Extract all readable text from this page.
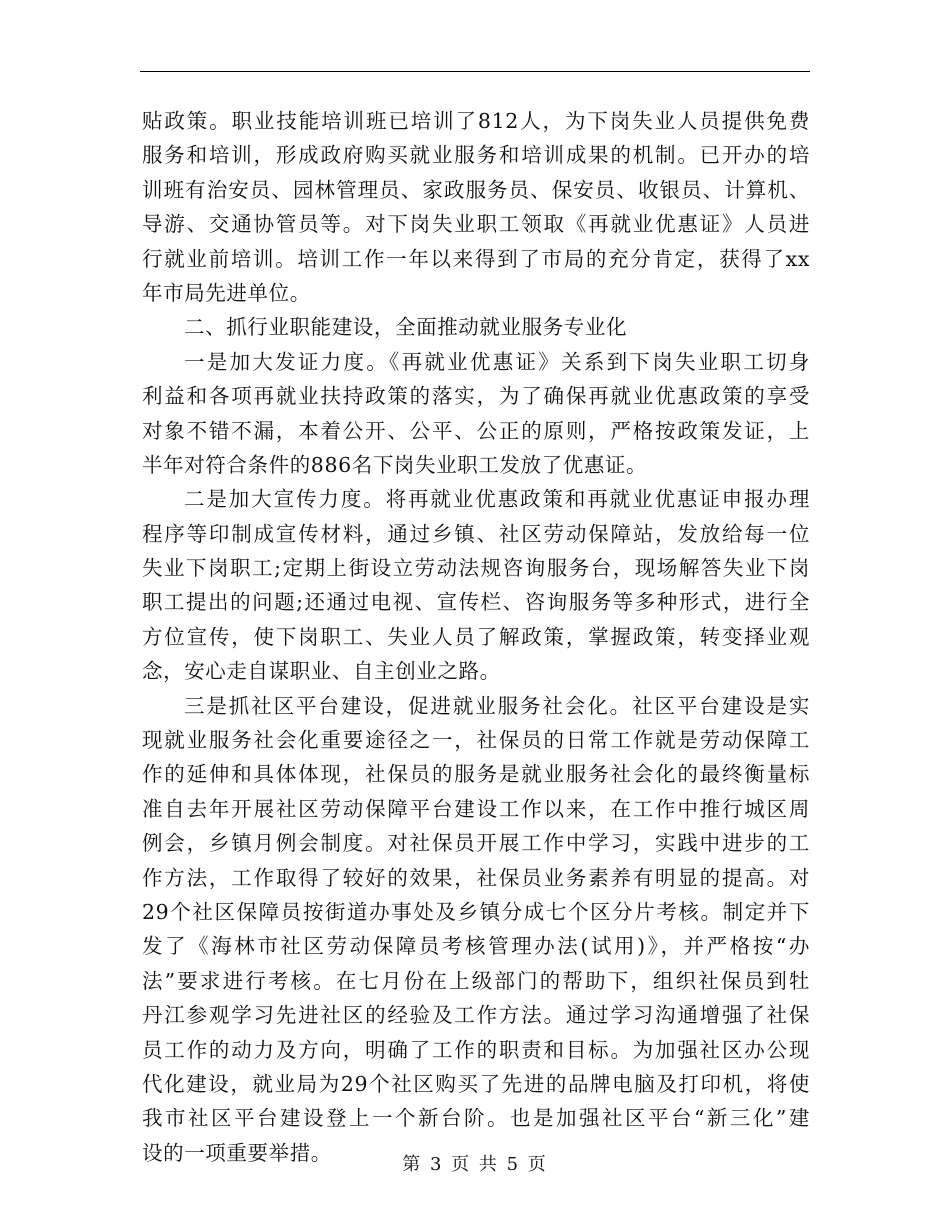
贴政策。职业技能培训班已培训了812人，为下岗失业人员提供免费
服务和培训，形成政府购买就业服务和培训成果的机制。已开办的培
训班有治安员、园林管理员、家政服务员、保安员、收银员、计算机、
导游、交通协管员等。对下岗失业职工领取《再就业优惠证》人员进
行就业前培训。培训工作一年以来得到了市局的充分肯定，获得了xx
年市局先进单位。
二、抓行业职能建设，全面推动就业服务专业化
一是加大发证力度。《再就业优惠证》关系到下岗失业职工切身
利益和各项再就业扶持政策的落实，为了确保再就业优惠政策的享受
对象不错不漏，本着公开、公平、公正的原则，严格按政策发证，上
半年对符合条件的886名下岗失业职工发放了优惠证。
二是加大宣传力度。将再就业优惠政策和再就业优惠证申报办理
程序等印制成宣传材料，通过乡镇、社区劳动保障站，发放给每一位
失业下岗职工;定期上街设立劳动法规咨询服务台，现场解答失业下岗
职工提出的问题;还通过电视、宣传栏、咨询服务等多种形式，进行全
方位宣传，使下岗职工、失业人员了解政策，掌握政策，转变择业观
念，安心走自谋职业、自主创业之路。
三是抓社区平台建设，促进就业服务社会化。社区平台建设是实
现就业服务社会化重要途径之一，社保员的日常工作就是劳动保障工
作的延伸和具体体现，社保员的服务是就业服务社会化的最终衡量标
准自去年开展社区劳动保障平台建设工作以来，在工作中推行城区周
例会，乡镇月例会制度。对社保员开展工作中学习，实践中进步的工
作方法，工作取得了较好的效果，社保员业务素养有明显的提高。对
29个社区保障员按街道办事处及乡镇分成七个区分片考核。制定并下
发了《海林市社区劳动保障员考核管理办法(试用)》，并严格按“办
法”要求进行考核。在七月份在上级部门的帮助下，组织社保员到牡
丹江参观学习先进社区的经验及工作方法。通过学习沟通增强了社保
员工作的动力及方向，明确了工作的职责和目标。为加强社区办公现
代化建设，就业局为29个社区购买了先进的品牌电脑及打印机，将使
我市社区平台建设登上一个新台阶。也是加强社区平台“新三化”建
设的一项重要举措。	第 3 页 共 5 页
